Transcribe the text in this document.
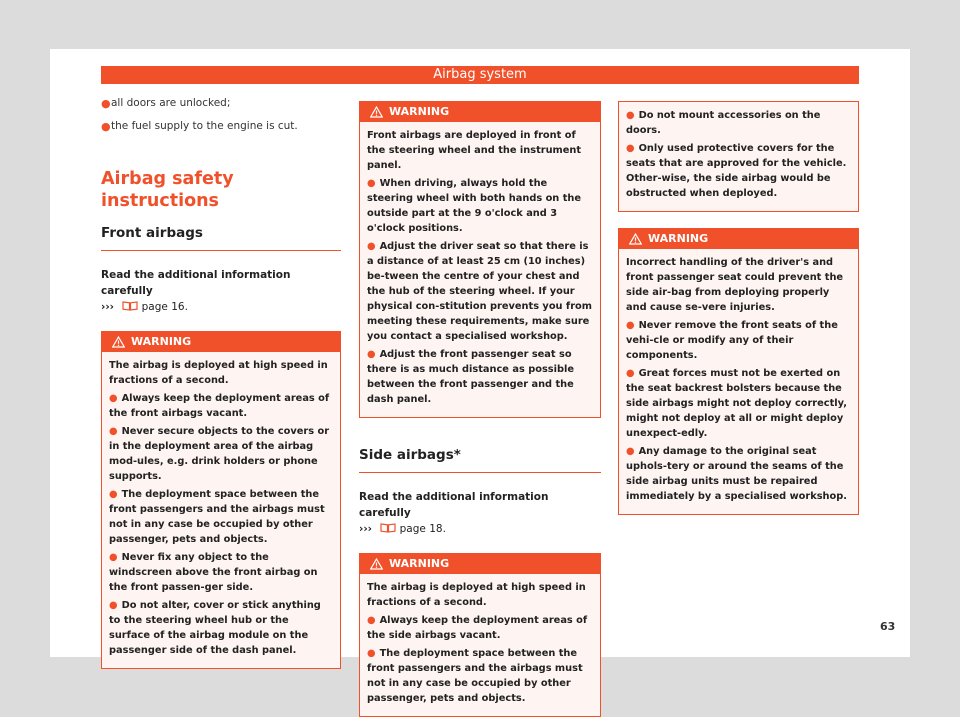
Airbag system

● all doors are unlocked;

● the fuel supply to the engine is cut.

Airbag safety instructions
Front airbags

Read the additional information carefully
›››	page 16.

WARNING

The airbag is deployed at high speed in fractions of a second.

● Always keep the deployment areas of the front airbags vacant.

● Never secure objects to the covers or in the deployment area of the airbag mod-ules, e.g. drink holders or phone supports.

● The deployment space between the front passengers and the airbags must not in any case be occupied by other passenger, pets and objects.

● Never fix any object to the windscreen above the front airbag on the front passen-ger side.

● Do not alter, cover or stick anything to the steering wheel hub or the surface of the airbag module on the passenger side of the dash panel.

WARNING

Front airbags are deployed in front of the steering wheel and the instrument panel.

● When driving, always hold the steering wheel with both hands on the outside part at the 9 o'clock and 3 o'clock positions.

● Adjust the driver seat so that there is a distance of at least 25 cm (10 inches) be-tween the centre of your chest and the hub of the steering wheel. If your physical con-stitution prevents you from meeting these requirements, make sure you contact a specialised workshop.

● Adjust the front passenger seat so there is as much distance as possible between the front passenger and the dash panel.

Side airbags*

Read the additional information carefully
›››	page 18.

WARNING

The airbag is deployed at high speed in fractions of a second.

● Always keep the deployment areas of the side airbags vacant.

● The deployment space between the front passengers and the airbags must not in any case be occupied by other passenger, pets and objects.

● Do not mount accessories on the doors.

● Only used protective covers for the seats that are approved for the vehicle. Other-wise, the side airbag would be obstructed when deployed.

WARNING

Incorrect handling of the driver's and front passenger seat could prevent the side air-bag from deploying properly and cause se-vere injuries.

● Never remove the front seats of the vehi-cle or modify any of their components.

● Great forces must not be exerted on the seat backrest bolsters because the side airbags might not deploy correctly, might not deploy at all or might deploy unexpect-edly.

● Any damage to the original seat uphols-tery or around the seams of the side airbag units must be repaired immediately by a specialised workshop.

63
